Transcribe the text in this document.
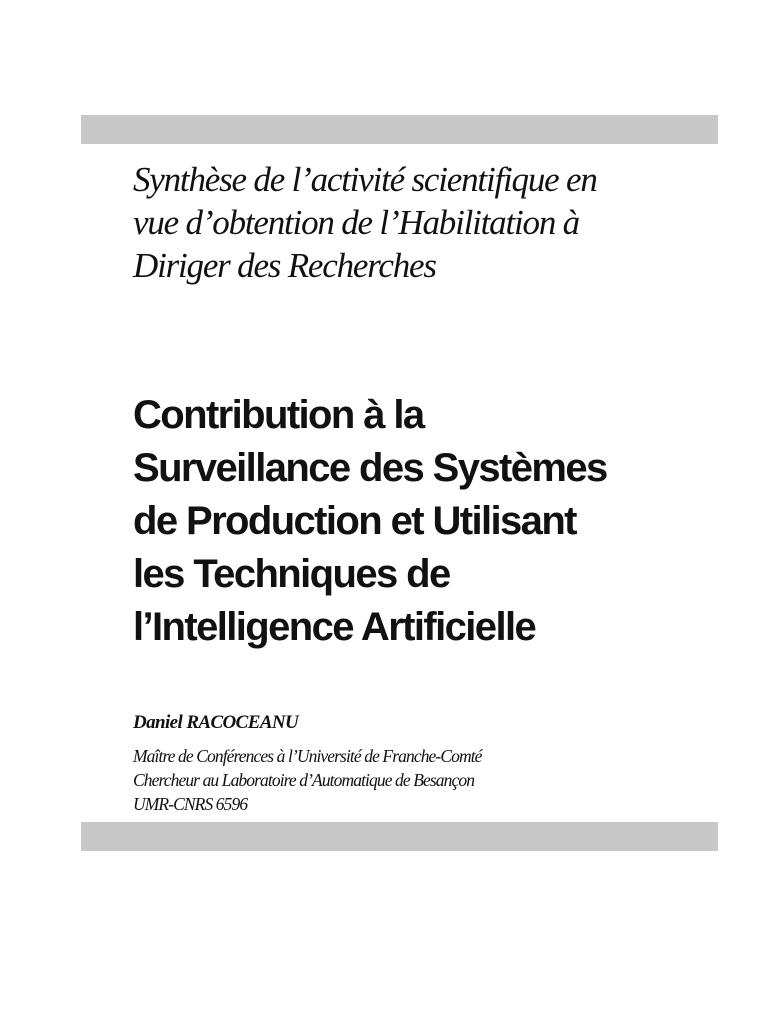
Synthèse de l’activité scientifique en
vue d’obtention de l’Habilitation à
Diriger des Recherches
Contribution à la
Surveillance des Systèmes
de Production et Utilisant
les Techniques de
l’Intelligence Artificielle
Daniel RACOCEANU
Maître de Conférences à l’Université de Franche-Comté
Chercheur au Laboratoire d’Automatique de Besançon
UMR-CNRS 6596
